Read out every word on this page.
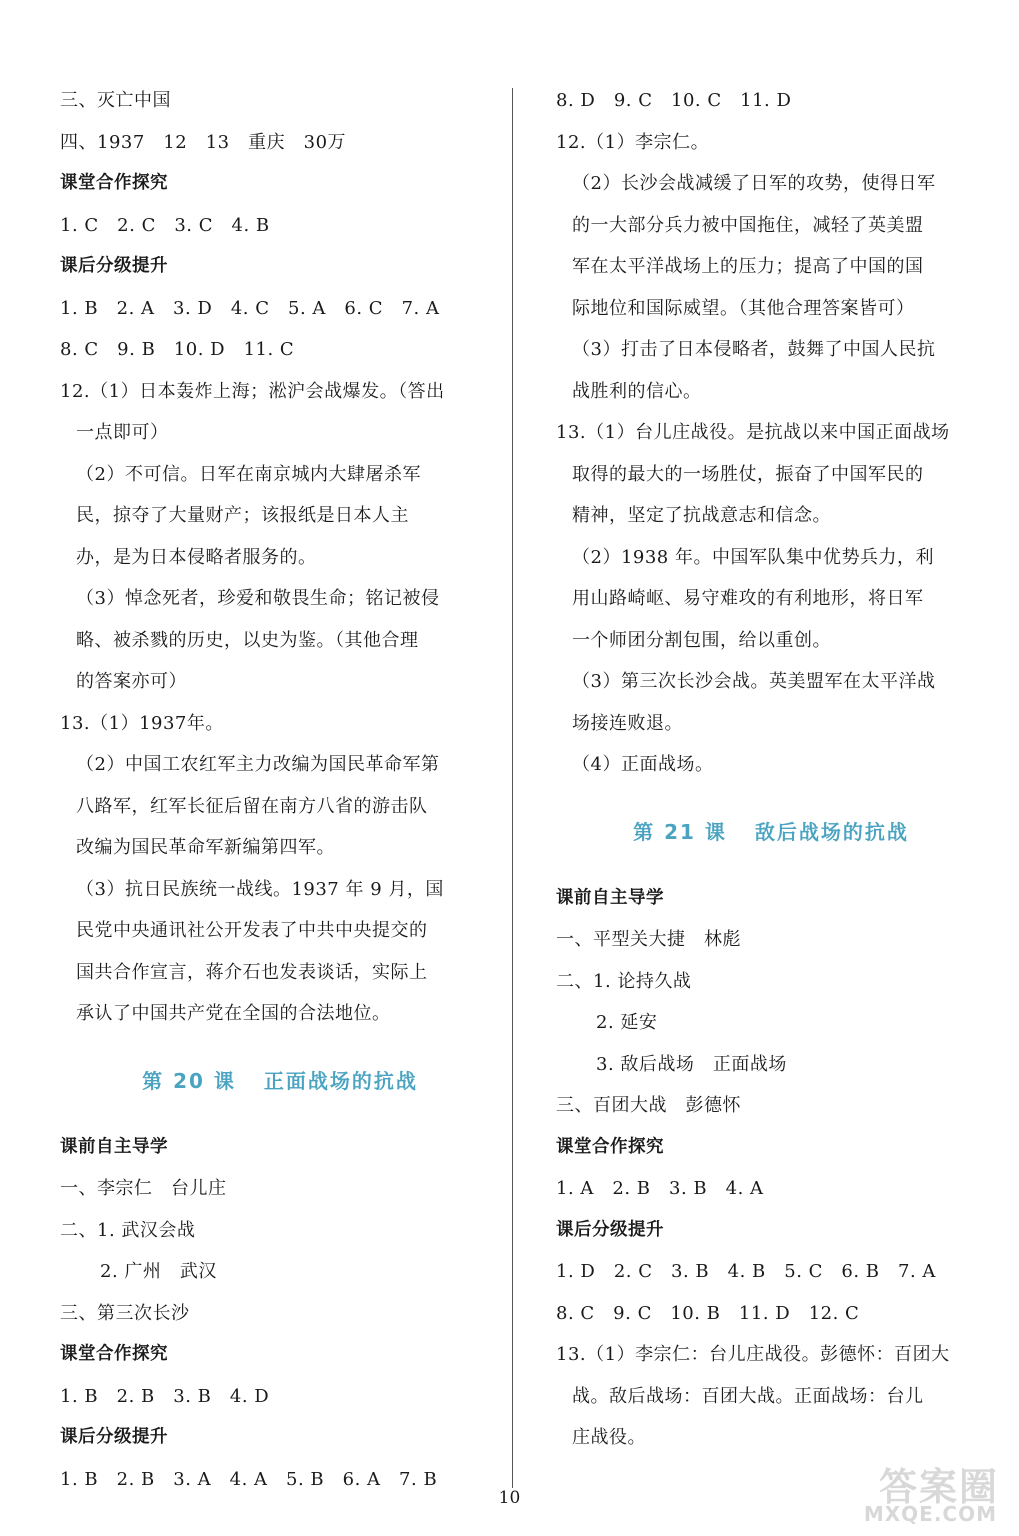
三、灭亡中国
四、1937　12　13　重庆　30万
课堂合作探究
1. C　2. C　3. C　4. B
课后分级提升
1. B　2. A　3. D　4. C　5. A　6. C　7. A
8. C　9. B　10. D　11. C
12.（1）日本轰炸上海；淞沪会战爆发。（答出
一点即可）
（2）不可信。日军在南京城内大肆屠杀军
民，掠夺了大量财产；该报纸是日本人主
办，是为日本侵略者服务的。
（3）悼念死者，珍爱和敬畏生命；铭记被侵
略、被杀戮的历史，以史为鉴。（其他合理
的答案亦可）
13.（1）1937年。
（2）中国工农红军主力改编为国民革命军第
八路军，红军长征后留在南方八省的游击队
改编为国民革命军新编第四军。
（3）抗日民族统一战线。1937 年 9 月，国
民党中央通讯社公开发表了中共中央提交的
国共合作宣言，蒋介石也发表谈话，实际上
承认了中国共产党在全国的合法地位。
第 20 课 正面战场的抗战
课前自主导学
一、李宗仁　台儿庄
二、1. 武汉会战
2. 广州　武汉
三、第三次长沙
课堂合作探究
1. B　2. B　3. B　4. D
课后分级提升
1. B　2. B　3. A　4. A　5. B　6. A　7. B
8. D　9. C　10. C　11. D
12.（1）李宗仁。
（2）长沙会战减缓了日军的攻势，使得日军
的一大部分兵力被中国拖住，减轻了英美盟
军在太平洋战场上的压力；提高了中国的国
际地位和国际威望。（其他合理答案皆可）
（3）打击了日本侵略者，鼓舞了中国人民抗
战胜利的信心。
13.（1）台儿庄战役。是抗战以来中国正面战场
取得的最大的一场胜仗，振奋了中国军民的
精神，坚定了抗战意志和信念。
（2）1938 年。中国军队集中优势兵力，利
用山路崎岖、易守难攻的有利地形，将日军
一个师团分割包围，给以重创。
（3）第三次长沙会战。英美盟军在太平洋战
场接连败退。
（4）正面战场。
第 21 课 敌后战场的抗战
课前自主导学
一、平型关大捷　林彪
二、1. 论持久战
2. 延安
3. 敌后战场　正面战场
三、百团大战　彭德怀
课堂合作探究
1. A　2. B　3. B　4. A
课后分级提升
1. D　2. C　3. B　4. B　5. C　6. B　7. A
8. C　9. C　10. B　11. D　12. C
13.（1）李宗仁：台儿庄战役。彭德怀：百团大
战。敌后战场：百团大战。正面战场：台儿
庄战役。
10	答案圈
MXQE.COM
